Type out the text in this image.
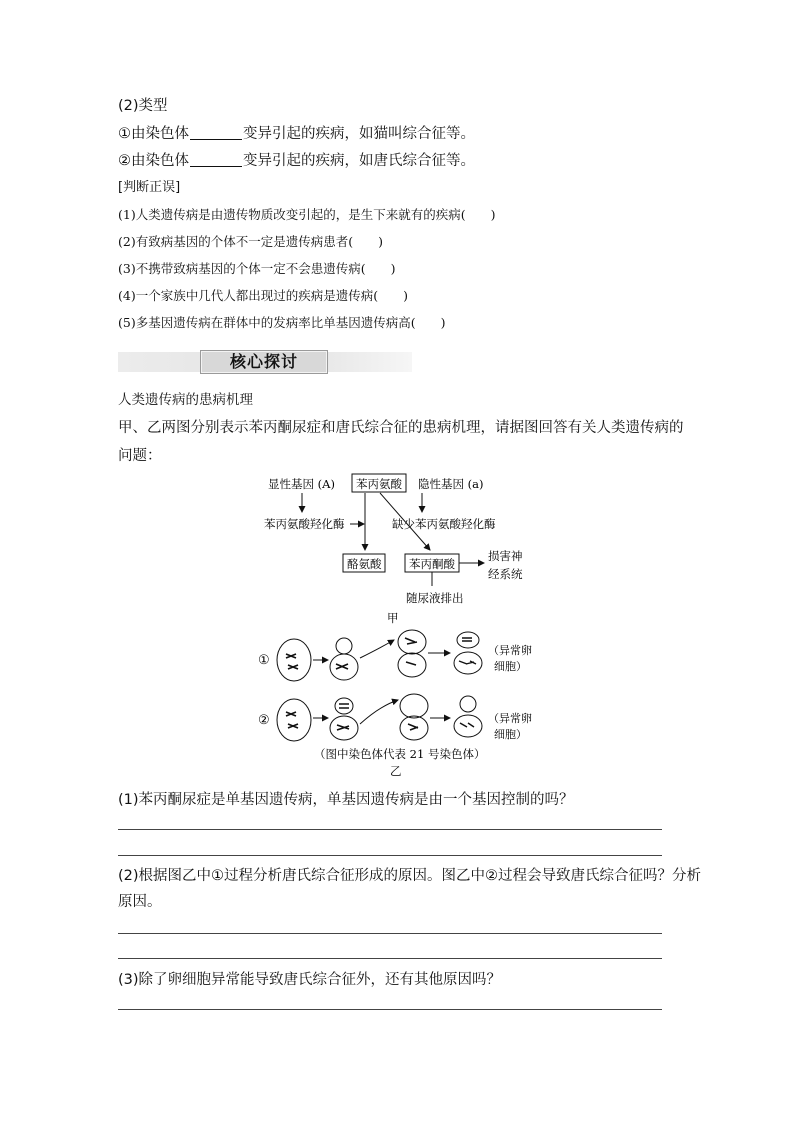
(2)类型
①由染色体	变异引起的疾病，如猫叫综合征等。
②由染色体	变异引起的疾病，如唐氏综合征等。
[判断正误]
(1)人类遗传病是由遗传物质改变引起的，是生下来就有的疾病(　　)
(2)有致病基因的个体不一定是遗传病患者(　　)
(3)不携带致病基因的个体一定不会患遗传病(　　)
(4)一个家族中几代人都出现过的疾病是遗传病(　　)
(5)多基因遗传病在群体中的发病率比单基因遗传病高(　　)
核心探讨
人类遗传病的患病机理
甲、乙两图分别表示苯丙酮尿症和唐氏综合征的患病机理，请据图回答有关人类遗传病的
问题：
显性基因 (A) 苯丙氨酸 隐性基因 (a)
苯丙氨酸羟化酶	缺少苯丙氨酸羟化酶
酪氨酸 苯丙酮酸
损害神
经系统
随尿液排出
甲
①
（异常卵
细胞）
②	（异常卵
细胞）
（图中染色体代表 21 号染色体）
乙
(1)苯丙酮尿症是单基因遗传病，单基因遗传病是由一个基因控制的吗？
(2)根据图乙中①过程分析唐氏综合征形成的原因。图乙中②过程会导致唐氏综合征吗？分析
原因。
(3)除了卵细胞异常能导致唐氏综合征外，还有其他原因吗？
